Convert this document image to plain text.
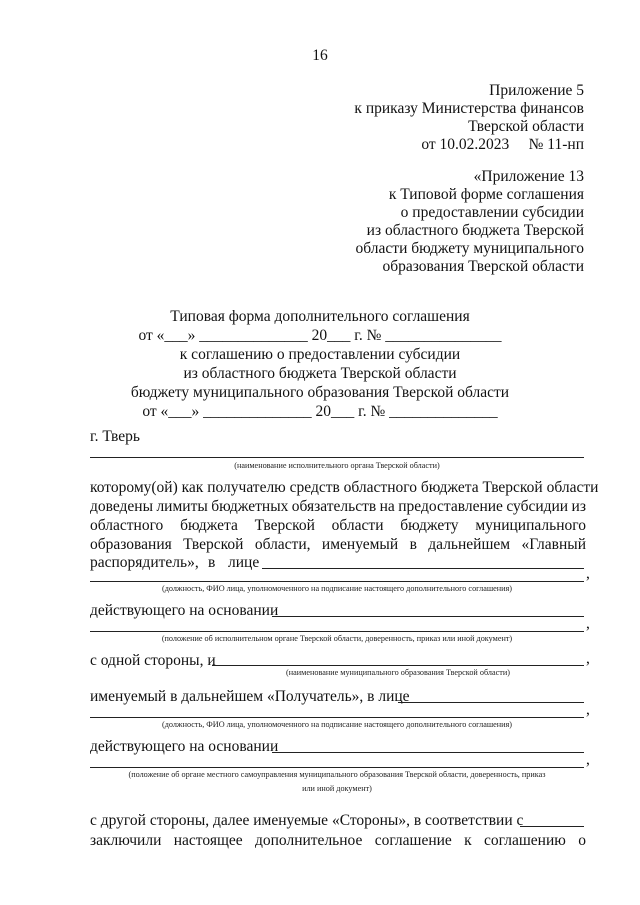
16
Приложение 5
к приказу Министерства финансов
Тверской области
от 10.02.2023     № 11-нп
«Приложение 13
к Типовой форме соглашения
о предоставлении субсидии
из областного бюджета Тверской
области бюджету муниципального
образования Тверской области
Типовая форма дополнительного соглашения
от «___» ______________ 20___ г. № _______________
к соглашению о предоставлении субсидии
из областного бюджета Тверской области
бюджету муниципального образования Тверской области
от «___» ______________ 20___ г. № ______________
г. Тверь
(наименование исполнительного органа Тверской области)
которому(ой) как получателю средств областного бюджета Тверской области
доведены лимиты бюджетных обязательств на предоставление субсидии из
областного бюджета Тверской области бюджету муниципального
образования Тверской области, именуемый в дальнейшем «Главный
распорядитель», в лице
,
(должность, ФИО лица, уполномоченного на подписание настоящего дополнительного соглашения)
действующего на основании
,
(положение об исполнительном органе Тверской области, доверенность, приказ или иной документ)
с одной стороны, и	,
(наименование муниципального образования Тверской области)
именуемый в дальнейшем «Получатель», в лице
,
(должность, ФИО лица, уполномоченного на подписание настоящего дополнительного соглашения)
действующего на основании
,
(положение об органе местного самоуправления муниципального образования Тверской области, доверенность, приказ
или иной документ)
с другой стороны, далее именуемые «Стороны», в соответствии с
заключили настоящее дополнительное соглашение к соглашению о
